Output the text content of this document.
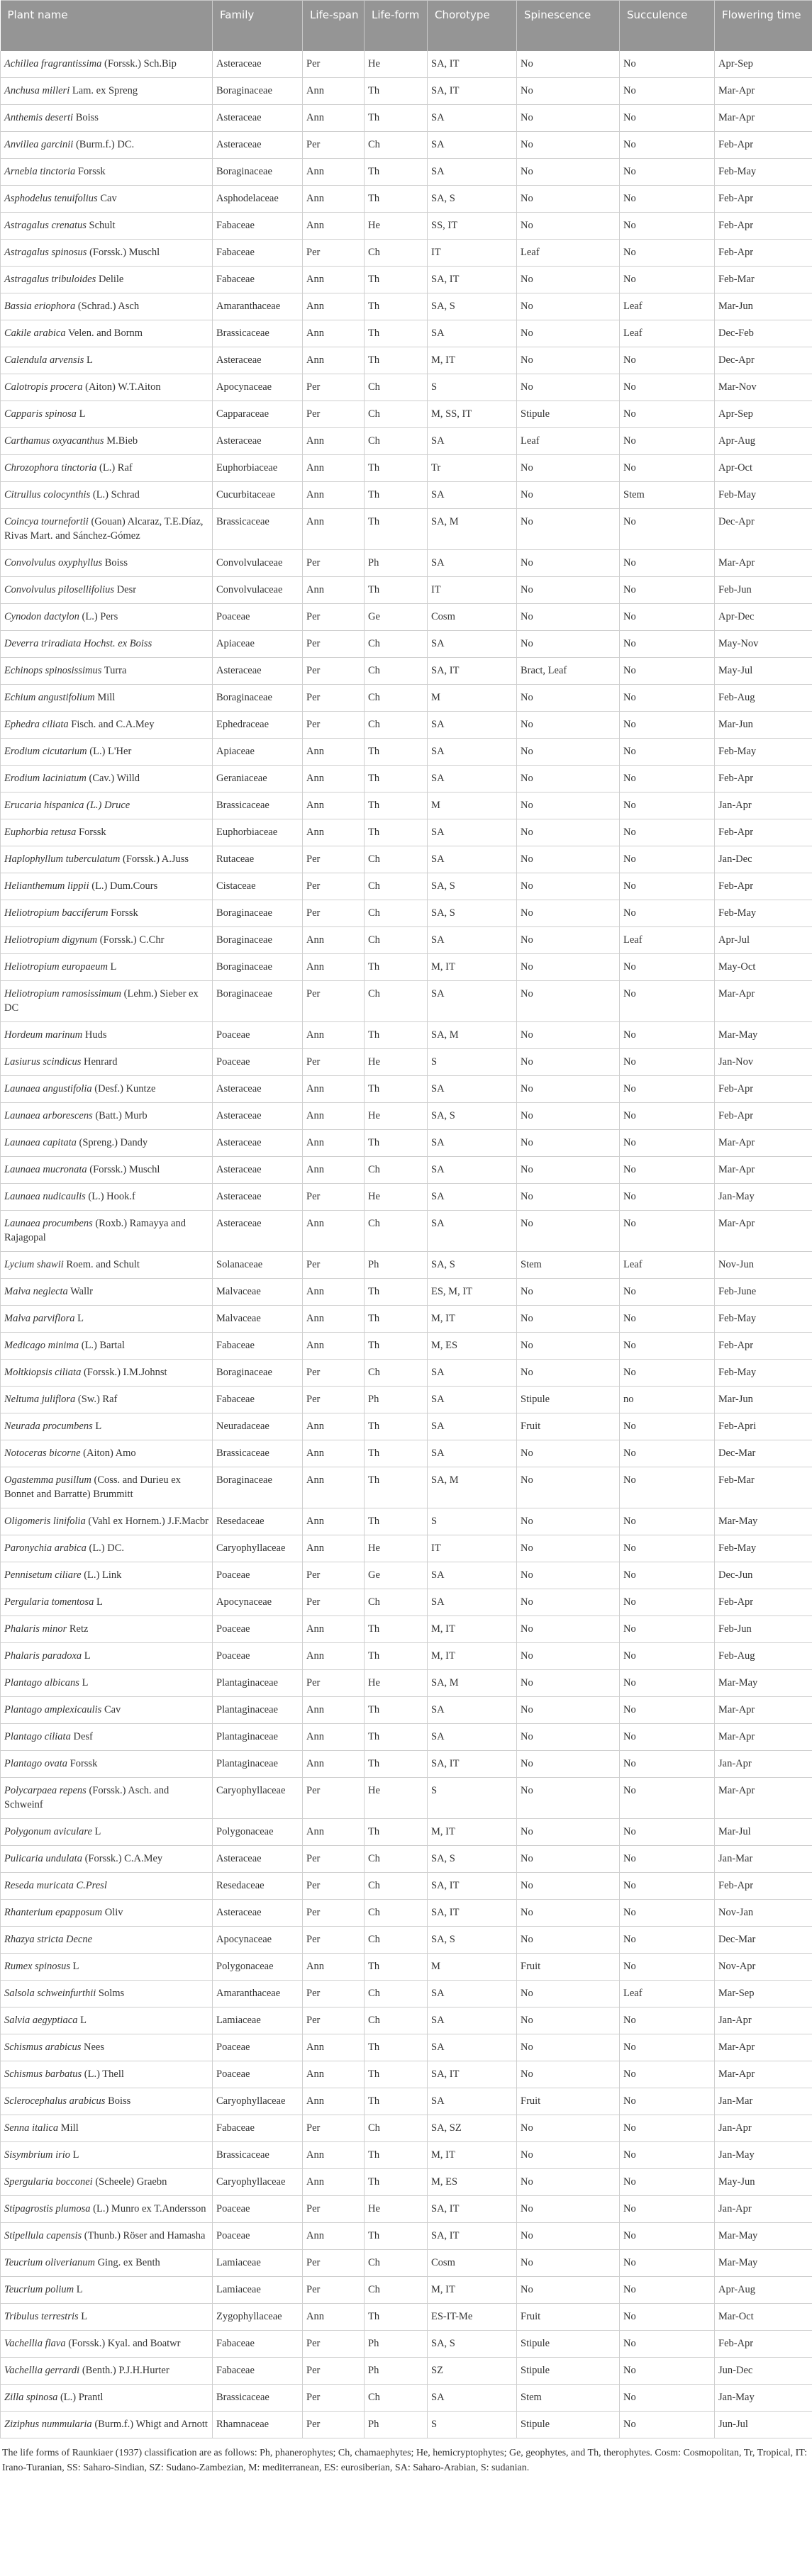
Plant name	Family	Life-span	Life-form	Chorotype	Spinescence	Succulence	Flowering time
Achillea fragrantissima (Forssk.) Sch.Bip	Asteraceae	Per	He	SA, IT	No	No	Apr-Sep
Anchusa milleri Lam. ex Spreng	Boraginaceae	Ann	Th	SA, IT	No	No	Mar-Apr
Anthemis deserti Boiss	Asteraceae	Ann	Th	SA	No	No	Mar-Apr
Anvillea garcinii (Burm.f.) DC.	Asteraceae	Per	Ch	SA	No	No	Feb-Apr
Arnebia tinctoria Forssk	Boraginaceae	Ann	Th	SA	No	No	Feb-May
Asphodelus tenuifolius Cav	Asphodelaceae	Ann	Th	SA, S	No	No	Feb-Apr
Astragalus crenatus Schult	Fabaceae	Ann	He	SS, IT	No	No	Feb-Apr
Astragalus spinosus (Forssk.) Muschl	Fabaceae	Per	Ch	IT	Leaf	No	Feb-Apr
Astragalus tribuloides Delile	Fabaceae	Ann	Th	SA, IT	No	No	Feb-Mar
Bassia eriophora (Schrad.) Asch	Amaranthaceae	Ann	Th	SA, S	No	Leaf	Mar-Jun
Cakile arabica Velen. and Bornm	Brassicaceae	Ann	Th	SA	No	Leaf	Dec-Feb
Calendula arvensis L	Asteraceae	Ann	Th	M, IT	No	No	Dec-Apr
Calotropis procera (Aiton) W.T.Aiton	Apocynaceae	Per	Ch	S	No	No	Mar-Nov
Capparis spinosa L	Capparaceae	Per	Ch	M, SS, IT	Stipule	No	Apr-Sep
Carthamus oxyacanthus M.Bieb	Asteraceae	Ann	Ch	SA	Leaf	No	Apr-Aug
Chrozophora tinctoria (L.) Raf	Euphorbiaceae	Ann	Th	Tr	No	No	Apr-Oct
Citrullus colocynthis (L.) Schrad	Cucurbitaceae	Ann	Th	SA	No	Stem	Feb-May
Coincya tournefortii (Gouan) Alcaraz, T.E.Díaz, Rivas Mart. and Sánchez-Gómez	Brassicaceae	Ann	Th	SA, M	No	No	Dec-Apr
Convolvulus oxyphyllus Boiss	Convolvulaceae	Per	Ph	SA	No	No	Mar-Apr
Convolvulus pilosellifolius Desr	Convolvulaceae	Ann	Th	IT	No	No	Feb-Jun
Cynodon dactylon (L.) Pers	Poaceae	Per	Ge	Cosm	No	No	Apr-Dec
Deverra triradiata Hochst. ex Boiss	Apiaceae	Per	Ch	SA	No	No	May-Nov
Echinops spinosissimus Turra	Asteraceae	Per	Ch	SA, IT	Bract, Leaf	No	May-Jul
Echium angustifolium Mill	Boraginaceae	Per	Ch	M	No	No	Feb-Aug
Ephedra ciliata Fisch. and C.A.Mey	Ephedraceae	Per	Ch	SA	No	No	Mar-Jun
Erodium cicutarium (L.) L'Her	Apiaceae	Ann	Th	SA	No	No	Feb-May
Erodium laciniatum (Cav.) Willd	Geraniaceae	Ann	Th	SA	No	No	Feb-Apr
Erucaria hispanica (L.) Druce	Brassicaceae	Ann	Th	M	No	No	Jan-Apr
Euphorbia retusa Forssk	Euphorbiaceae	Ann	Th	SA	No	No	Feb-Apr
Haplophyllum tuberculatum (Forssk.) A.Juss	Rutaceae	Per	Ch	SA	No	No	Jan-Dec
Helianthemum lippii (L.) Dum.Cours	Cistaceae	Per	Ch	SA, S	No	No	Feb-Apr
Heliotropium bacciferum Forssk	Boraginaceae	Per	Ch	SA, S	No	No	Feb-May
Heliotropium digynum (Forssk.) C.Chr	Boraginaceae	Ann	Ch	SA	No	Leaf	Apr-Jul
Heliotropium europaeum L	Boraginaceae	Ann	Th	M, IT	No	No	May-Oct
Heliotropium ramosissimum (Lehm.) Sieber ex DC	Boraginaceae	Per	Ch	SA	No	No	Mar-Apr
Hordeum marinum Huds	Poaceae	Ann	Th	SA, M	No	No	Mar-May
Lasiurus scindicus Henrard	Poaceae	Per	He	S	No	No	Jan-Nov
Launaea angustifolia (Desf.) Kuntze	Asteraceae	Ann	Th	SA	No	No	Feb-Apr
Launaea arborescens (Batt.) Murb	Asteraceae	Ann	He	SA, S	No	No	Feb-Apr
Launaea capitata (Spreng.) Dandy	Asteraceae	Ann	Th	SA	No	No	Mar-Apr
Launaea mucronata (Forssk.) Muschl	Asteraceae	Ann	Ch	SA	No	No	Mar-Apr
Launaea nudicaulis (L.) Hook.f	Asteraceae	Per	He	SA	No	No	Jan-May
Launaea procumbens (Roxb.) Ramayya and Rajagopal	Asteraceae	Ann	Ch	SA	No	No	Mar-Apr
Lycium shawii Roem. and Schult	Solanaceae	Per	Ph	SA, S	Stem	Leaf	Nov-Jun
Malva neglecta Wallr	Malvaceae	Ann	Th	ES, M, IT	No	No	Feb-June
Malva parviflora L	Malvaceae	Ann	Th	M, IT	No	No	Feb-May
Medicago minima (L.) Bartal	Fabaceae	Ann	Th	M, ES	No	No	Feb-Apr
Moltkiopsis ciliata (Forssk.) I.M.Johnst	Boraginaceae	Per	Ch	SA	No	No	Feb-May
Neltuma juliflora (Sw.) Raf	Fabaceae	Per	Ph	SA	Stipule	no	Mar-Jun
Neurada procumbens L	Neuradaceae	Ann	Th	SA	Fruit	No	Feb-Apri
Notoceras bicorne (Aiton) Amo	Brassicaceae	Ann	Th	SA	No	No	Dec-Mar
Ogastemma pusillum (Coss. and Durieu ex Bonnet and Barratte) Brummitt	Boraginaceae	Ann	Th	SA, M	No	No	Feb-Mar
Oligomeris linifolia (Vahl ex Hornem.) J.F.Macbr	Resedaceae	Ann	Th	S	No	No	Mar-May
Paronychia arabica (L.) DC.	Caryophyllaceae	Ann	He	IT	No	No	Feb-May
Pennisetum ciliare (L.) Link	Poaceae	Per	Ge	SA	No	No	Dec-Jun
Pergularia tomentosa L	Apocynaceae	Per	Ch	SA	No	No	Feb-Apr
Phalaris minor Retz	Poaceae	Ann	Th	M, IT	No	No	Feb-Jun
Phalaris paradoxa L	Poaceae	Ann	Th	M, IT	No	No	Feb-Aug
Plantago albicans L	Plantaginaceae	Per	He	SA, M	No	No	Mar-May
Plantago amplexicaulis Cav	Plantaginaceae	Ann	Th	SA	No	No	Mar-Apr
Plantago ciliata Desf	Plantaginaceae	Ann	Th	SA	No	No	Mar-Apr
Plantago ovata Forssk	Plantaginaceae	Ann	Th	SA, IT	No	No	Jan-Apr
Polycarpaea repens (Forssk.) Asch. and Schweinf	Caryophyllaceae	Per	He	S	No	No	Mar-Apr
Polygonum aviculare L	Polygonaceae	Ann	Th	M, IT	No	No	Mar-Jul
Pulicaria undulata (Forssk.) C.A.Mey	Asteraceae	Per	Ch	SA, S	No	No	Jan-Mar
Reseda muricata C.Presl	Resedaceae	Per	Ch	SA, IT	No	No	Feb-Apr
Rhanterium epapposum Oliv	Asteraceae	Per	Ch	SA, IT	No	No	Nov-Jan
Rhazya stricta Decne	Apocynaceae	Per	Ch	SA, S	No	No	Dec-Mar
Rumex spinosus L	Polygonaceae	Ann	Th	M	Fruit	No	Nov-Apr
Salsola schweinfurthii Solms	Amaranthaceae	Per	Ch	SA	No	Leaf	Mar-Sep
Salvia aegyptiaca L	Lamiaceae	Per	Ch	SA	No	No	Jan-Apr
Schismus arabicus Nees	Poaceae	Ann	Th	SA	No	No	Mar-Apr
Schismus barbatus (L.) Thell	Poaceae	Ann	Th	SA, IT	No	No	Mar-Apr
Sclerocephalus arabicus Boiss	Caryophyllaceae	Ann	Th	SA	Fruit	No	Jan-Mar
Senna italica Mill	Fabaceae	Per	Ch	SA, SZ	No	No	Jan-Apr
Sisymbrium irio L	Brassicaceae	Ann	Th	M, IT	No	No	Jan-May
Spergularia bocconei (Scheele) Graebn	Caryophyllaceae	Ann	Th	M, ES	No	No	May-Jun
Stipagrostis plumosa (L.) Munro ex T.Andersson	Poaceae	Per	He	SA, IT	No	No	Jan-Apr
Stipellula capensis (Thunb.) Röser and Hamasha	Poaceae	Ann	Th	SA, IT	No	No	Mar-May
Teucrium oliverianum Ging. ex Benth	Lamiaceae	Per	Ch	Cosm	No	No	Mar-May
Teucrium polium L	Lamiaceae	Per	Ch	M, IT	No	No	Apr-Aug
Tribulus terrestris L	Zygophyllaceae	Ann	Th	ES-IT-Me	Fruit	No	Mar-Oct
Vachellia flava (Forssk.) Kyal. and Boatwr	Fabaceae	Per	Ph	SA, S	Stipule	No	Feb-Apr
Vachellia gerrardi (Benth.) P.J.H.Hurter	Fabaceae	Per	Ph	SZ	Stipule	No	Jun-Dec
Zilla spinosa (L.) Prantl	Brassicaceae	Per	Ch	SA	Stem	No	Jan-May
Ziziphus nummularia (Burm.f.) Whigt and Arnott	Rhamnaceae	Per	Ph	S	Stipule	No	Jun-Jul
The life forms of Raunkiaer (1937) classification are as follows: Ph, phanerophytes; Ch, chamaephytes; He, hemicryptophytes; Ge, geophytes, and Th, therophytes. Cosm: Cosmopolitan, Tr, Tropical, IT: Irano-Turanian, SS: Saharo-Sindian, SZ: Sudano-Zambezian, M: mediterranean, ES: eurosiberian, SA: Saharo-Arabian, S: sudanian.
